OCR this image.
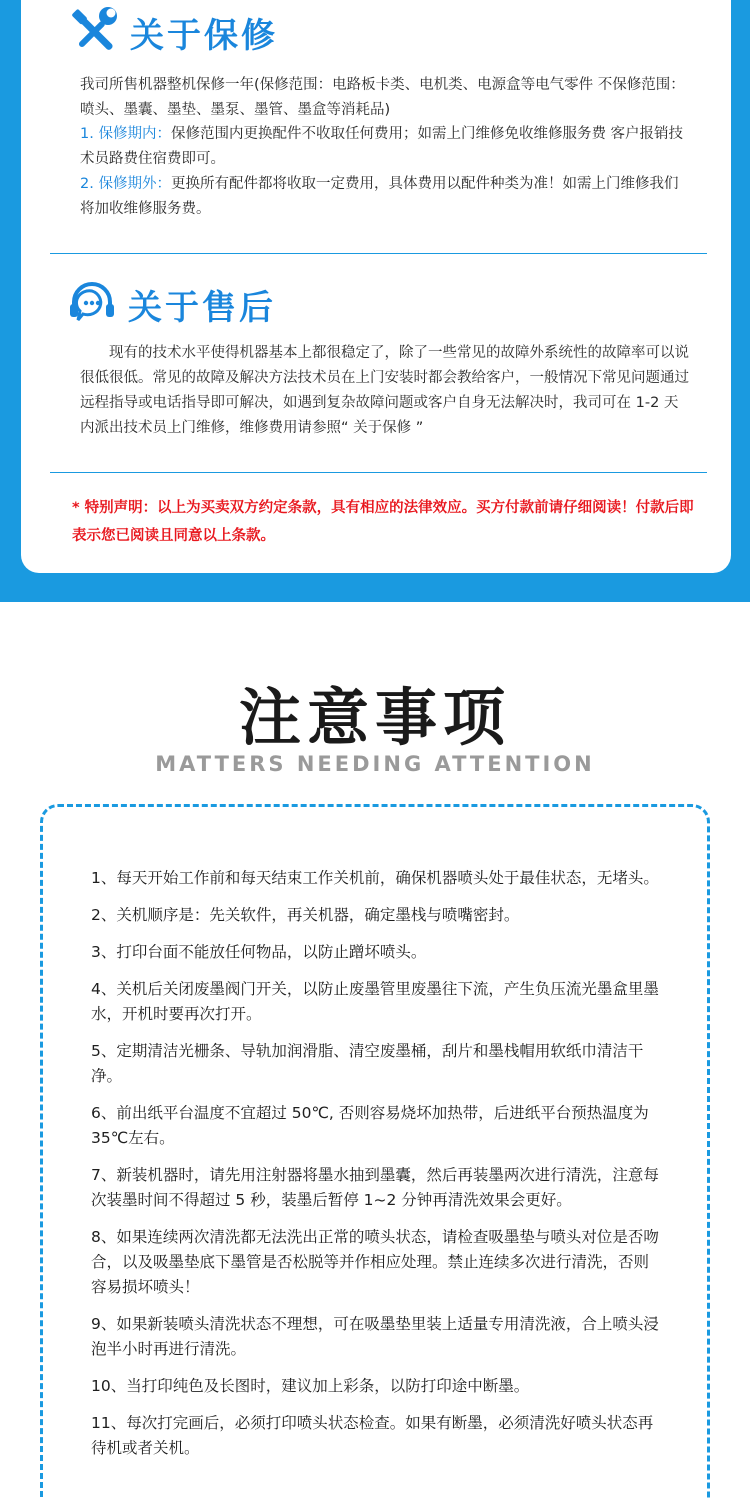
关于保修

我司所售机器整机保修一年(保修范围：电路板卡类、电机类、电源盒等电气零件 不保修范围：喷头、墨囊、墨垫、墨泵、墨管、墨盒等消耗品)

1. 保修期内：保修范围内更换配件不收取任何费用；如需上门维修免收维修服务费 客户报销技术员路费住宿费即可。

2. 保修期外：更换所有配件都将收取一定费用，具体费用以配件种类为准！如需上门维修我们将加收维修服务费。

关于售后

现有的技术水平使得机器基本上都很稳定了，除了一些常见的故障外系统性的故障率可以说很低很低。常见的故障及解决方法技术员在上门安装时都会教给客户，一般情况下常见问题通过远程指导或电话指导即可解决，如遇到复杂故障问题或客户自身无法解决时，我司可在 1-2 天内派出技术员上门维修，维修费用请参照“ 关于保修 ”

* 特别声明：以上为买卖双方约定条款，具有相应的法律效应。买方付款前请仔细阅读！付款后即表示您已阅读且同意以上条款。

注意事项
MATTERS NEEDING ATTENTION
1、每天开始工作前和每天结束工作关机前，确保机器喷头处于最佳状态，无堵头。
2、关机顺序是：先关软件，再关机器，确定墨栈与喷嘴密封。
3、打印台面不能放任何物品，以防止蹭坏喷头。
4、关机后关闭废墨阀门开关，以防止废墨管里废墨往下流，产生负压流光墨盒里墨水，开机时要再次打开。
5、定期清洁光栅条、导轨加润滑脂、清空废墨桶，刮片和墨栈帽用软纸巾清洁干净。
6、前出纸平台温度不宜超过 50℃, 否则容易烧坏加热带，后进纸平台预热温度为 35℃左右。
7、新装机器时，请先用注射器将墨水抽到墨囊，然后再装墨两次进行清洗，注意每次装墨时间不得超过 5 秒，装墨后暂停 1~2 分钟再清洗效果会更好。
8、如果连续两次清洗都无法洗出正常的喷头状态，请检查吸墨垫与喷头对位是否吻合，以及吸墨垫底下墨管是否松脱等并作相应处理。禁止连续多次进行清洗，否则容易损坏喷头！
9、如果新装喷头清洗状态不理想，可在吸墨垫里装上适量专用清洗液，合上喷头浸泡半小时再进行清洗。
10、当打印纯色及长图时，建议加上彩条，以防打印途中断墨。
11、每次打完画后，必须打印喷头状态检查。如果有断墨，必须清洗好喷头状态再待机或者关机。
